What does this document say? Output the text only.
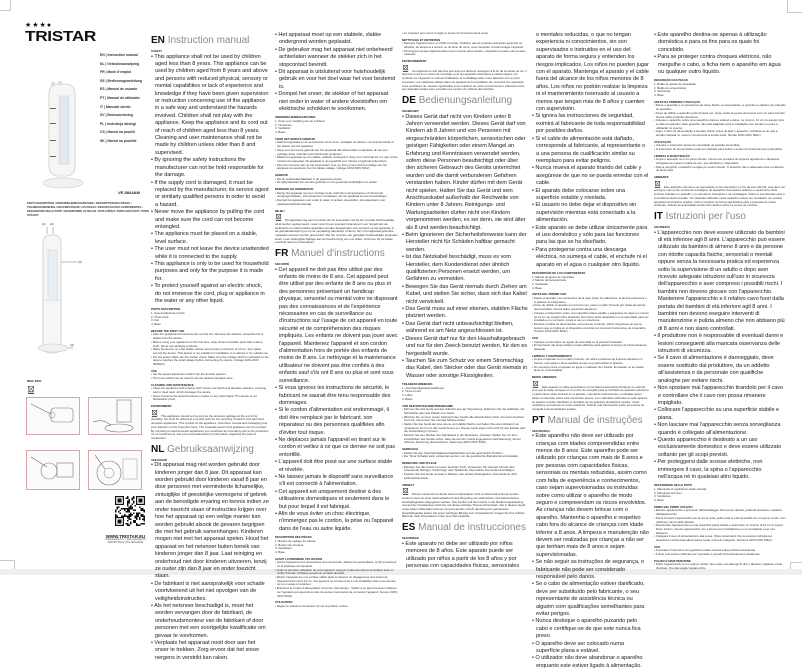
★★★●
TRISTAR
EN | Instruction manual
NL | Gebruiksaanwijzing
FR | Mode d'emploi
DE | Bedienungsanleitung
ES | Manual de usuario
PT | Manual do utilizador
IT | Manuale utente
SV | Bruksanvisning
PL | Instrukcja obsługi
CS | Návod na použití
SK | Návod na použitie
VE-5844AM
PARTS DESCRIPTION / ONDERDELENBESCHRIJVING / DESCRIPTION DES PIÈCES / TEILEBESCHREIBUNG / DESCRIPCIÓN DE LAS PIEZAS / DESCRIÇÃO DOS COMPONENTES / DESCRIZIONE DELLE PARTI / BESKRIVNING AV DELAR / OPIS CZĘŚCI / POPIS SOUČÁSTÍ / POPIS SÚČASTÍ
(1) (2)
(3)
(4)
MISC INFO
WWW.TRISTAR.EU
Tristar Europe B.V. | Jules Verneweg 87
5015 BH Tilburg | The Netherlands
EN Instruction manual
SAFETY
• This appliance shall not be used by children aged less than 8 years. This appliance can be used by children aged from 8 years and above and persons with reduced physical, sensory or mental capabilities or lack of experience and knowledge if they have been given supervision or instruction concerning use of the appliance in a safe way and understand the hazards involved. Children shall not play with the appliance. Keep the appliance and its cord out of reach of children aged less than 8 years. Cleaning and user maintenance shall not be made by children unless older than 8 and supervised.
• By ignoring the safety instructions the manufacturer can not be hold responsible for the damage.
• If the supply cord is damaged, it must be replaced by the manufacturer, its service agent or similarly qualified persons in order to avoid a hazard.
• Never move the appliance by pulling the cord and make sure the cord can not become entangled.
• The appliance must be placed on a stable, level surface.
• The user must not leave the device unattended while it is connected to the supply.
• This appliance is only to be used for household purposes and only for the purpose it is made for.
• To protect yourself against an electric shock, do not immerse the cord, plug or appliance in the water or any other liquid.
PARTS DESCRIPTION
1. Speed adjustment knob
2. Timer knob
3. Fan
4. Base
BEFORE THE FIRST USE
• Take the appliance and accessories out the box. Remove the stickers, protective foil or plastic from the device.
• Before using your appliance for the first time, wipe off all removable parts with a damp cloth. Never use abrasive products.
• Place the device on a flat stable surface and ensure a minimum of 10 cm. free space around the device. This device is not suitable for installation in a cabinet or for outside use.
• Put the power cable into the socket. (Note: Make sure the voltage which is indicated on the device matches the local voltage before connecting the device. Voltage 220V-240V 50/60Hz)
USE
• Set the speed adjustment switch into the desired position.
• The timer switch can be used to set the desired operation time.
CLEANING AND MAINTENANCE
• Clean the appliance with a damp cloth. Never use harsh and abrasive cleaners, scouring pad or steel wool, which damages the device.
• Never immerse the electrical device in water or any other liquid. The device is not dishwasher proof.
ENVIRONMENT
This appliance should not be put into the domestic garbage at the end of its durability, but must be offered at a central point for the recycling of electric and electronic domestic appliances. This symbol on the appliance, instruction manual and packaging puts your attention to this important issue. The materials used in this appliance can be recycled. By recycling of used domestic appliances you contribute an important push to the protection of our environment. Ask your local authorities for information regarding the point of recollection.
NL Gebruiksaanwijzing
VEILIGHEID
• Dit apparaat mag niet worden gebruikt door kinderen jonger dan 8 jaar. Dit apparaat kan worden gebruikt door kinderen vanaf 8 jaar en door personen met verminderde lichamelijke, zintuiglijke of geestelijke vermogens of gebrek aan de benodigde ervaring en kennis indien ze onder toezicht staan of instructies krijgen over hoe het apparaat op een veilige manier kan worden gebruikt alsook de gevaren begrijpen die met het gebruik samenhangen. Kinderen mogen niet met het apparaat spelen. Houd het apparaat en het netsnoer buiten bereik van kinderen jonger dan 8 jaar. Laat reiniging en onderhoud niet door kinderen uitvoeren, tenzij ze ouder zijn dan 8 jaar en onder toezicht staan.
• De fabrikant is niet aansprakelijk voor schade voortvloeiend uit het niet opvolgen van de veiligheidsinstructies.
• Als het netsnoer beschadigd is, moet het worden vervangen door de fabrikant, de onderhoudsmonteur van de fabrikant of door personen met een soortgelijke kwalificatie om gevaar te voorkomen.
• Verplaats het apparaat nooit door aan het snoer te trekken. Zorg ervoor dat het snoer nergens in verstrikt kan raken.
• Het apparaat moet op een stabiele, vlakke ondergrond worden geplaatst.
• De gebruiker mag het apparaat niet onbeheerd achterlaten wanneer de stekker zich in het stopcontact bevindt.
• Dit apparaat is uitsluitend voor huishoudelijk gebruik en voor het doel waar het voor bestemd is.
• Dompel het snoer, de stekker of het apparaat niet onder in water of andere vloeistoffen om elektrische schokken te voorkomen.
ONDERDELENBESCHRIJVING
1. Knop voor instelling van de snelheid
2. Timerknop
3. Ventilator
4. Basis
VOOR HET EERSTE GEBRUIK
• Haal het apparaat en de accessoires uit de doos. Verwijder de stickers, de beschermfolie of het plastic van het apparaat.
• Veeg voor het eerste gebruik van het apparaat alle afneembare onderdelen af met een vochtige doek. Gebruik nooit schurende producten.
• Plaats het apparaat op een vlakke, stabiele ondergrond. Zorg voor minimaal 10 cm vrije ruimte rondom het apparaat. Dit apparaat is niet geschikt voor inbouw of gebruik buitenshuis.
• Stop het netsnoer aan op het stopcontact. (Let op: Zorg ervoor dat het voltage van het apparaat overeenkomt met het lokale voltage. Voltage 220V-240V 50Hz)
GEBRUIK
• Zet de snelheidsschakelaar in de gewenste positie.
• De tijdschakelaar kan worden gebruikt om de gewenste bedrijfstijd in te stellen.
REINIGING EN ONDERHOUD
• Reinig het apparaat met een vochtige doek. Gebruik nooit agressieve of schurende reinigingsmiddelen, schuursponzen of staalwol, die het apparaat kunnen beschadigen.
• Dompel het apparaat nooit onder in water of andere vloeistoffen. Het apparaat is niet vaatwasmachinebestendig.
MILIEU
Dit apparaat mag aan het einde van de levensduur niet bij het normale huishoudelijke afval worden gedeponeerd, maar moet bij een speciaal inzamelpunt voor hergebruik van elektrische en elektronische apparaten worden aangeboden. Het symbool op het apparaat, in de gebruiksaanwijzing en op de verpakking attendeert u hierop. De in het apparaat gebruikte materialen kunnen worden gerecycled. Met het recyclen van gebruikte huishoudelijke apparaten levert u een belangrijke bijdrage aan de bescherming van ons milieu. Informeer bij uw lokale overheid naar het inzamelpunt.
FR Manuel d'instructions
SÉCURITÉ
• Cet appareil ne doit pas être utilisé par des enfants de moins de 8 ans. Cet appareil peut être utilisé par des enfants de 8 ans ou plus et des personnes présentant un handicap physique, sensoriel ou mental voire ne disposant pas des connaissances et de l'expérience nécessaires en cas de surveillance ou d'instructions sur l'usage de cet appareil en toute sécurité et de compréhension des risques impliqués. Les enfants ne doivent pas jouer avec l'appareil. Maintenez l'appareil et son cordon d'alimentation hors de portée des enfants de moins de 8 ans. Le nettoyage et la maintenance utilisateur ne doivent pas être confiés à des enfants sauf s'ils ont 8 ans ou plus et sont sous surveillance.
• Si vous ignorez les instructions de sécurité, le fabricant ne saurait être tenu responsable des dommages.
• Si le cordon d'alimentation est endommagé, il doit être remplacé par le fabricant, son réparateur ou des personnes qualifiées afin d'éviter tout risque.
• Ne déplacez jamais l'appareil en tirant sur le cordon et veillez à ce que ce dernier ne soit pas entortillé.
• L'appareil doit être posé sur une surface stable et nivelée.
• Ne laissez jamais le dispositif sans surveillance s'il est connecté à l'alimentation.
• Cet appareil est uniquement destiné à des utilisations domestiques et seulement dans le but pour lequel il est fabriqué.
• Afin de vous éviter un choc électrique, n'immergez pas le cordon, la prise ou l'appareil dans de l'eau ou autre liquide.
DESCRIPTION DES PIÈCES
1. Bouton de réglage de vitesse
2. Bouton de minuteur
3. Ventilateur
4. Base
AVANT LA PREMIÈRE UTILISATION
• Sortez l'appareil et les accessoires hors de la boîte. Retirez les autocollants, le film protecteur ou le plastique de l'appareil.
• Avant la première utilisation de votre appareil, essuyez toutes les pièces amovibles avec un chiffon humide. N'utilisez jamais de produits abrasifs.
• Mettez l'appareil sur une surface stable plate et assurez un dégagement tout autour de l'appareil d'au moins 10 cm. Cet appareil ne convient pas à une installation dans une armoire ou à un usage à l'extérieur.
• Branchez le cordon d'alimentation à la prise. (Remarque : Veillez à ce que la tension indiquée sur l'appareil corresponde à celle du secteur local avant de connecter l'appareil. Tension 220V-240V 50Hz)
UTILISATION
• Réglez le sélecteur de vitesse (3) sur la position voulue.
• Le minuteur peut servir à régler le temps de fonctionnement voulu.
NETTOYAGE ET ENTRETIEN
• Nettoyez l'appareil avec un chiffon humide. N'utilisez pas de produits nettoyants agressifs ou abrasifs, de tampons à récurer ou de laine de verre, vous risqueriez d'endommager l'appareil.
• N'immergez jamais l'appareil dans l'eau ni aucun autre liquide. L'appareil ne passe pas au lave-vaisselle.
ENVIRONNEMENT
Cet appareil ne doit pas être jeté avec les déchets ménagers à la fin de sa durée de vie, il doit être remis à un centre de recyclage pour les appareils électriques et électroniques. Ce symbole sur l'appareil, le manuel d'utilisation et l'emballage attire votre attention sur ce point important. Les matériaux utilisés dans cet appareil sont recyclables. En recyclant vos appareils, vous contribuez de manière significative à la protection de notre environnement. Adressez-vous aux autorités locales pour connaître les centres de collecte des déchets.
DE Bedienungsanleitung
SICHERHEIT
• Dieses Gerät darf nicht von Kindern unter 8 Jahren verwendet werden. Dieses Gerät darf von Kindern ab 8 Jahren und von Personen mit eingeschränkten körperlichen, sensorischen oder geistigen Fähigkeiten oder einem Mangel an Erfahrung und Kenntnissen verwendet werden, sofern diese Personen beaufsichtigt oder über den sicheren Gebrauch des Geräts unterrichtet wurden und die damit verbundenen Gefahren verstanden haben. Kinder dürfen mit dem Gerät nicht spielen. Halten Sie das Gerät und sein Anschlusskabel außerhalb der Reichweite von Kindern unter 8 Jahren. Reinigungs- und Wartungsarbeiten dürfen nicht von Kindern vorgenommen werden, es sei denn, sie sind älter als 8 und werden beaufsichtigt.
• Beim Ignorieren der Sicherheitshinweise kann der Hersteller nicht für Schäden haftbar gemacht werden.
• Ist das Netzkabel beschädigt, muss es vom Hersteller, dem Kundendienst oder ähnlich qualifizierten Personen ersetzt werden, um Gefahren zu vermeiden.
• Bewegen Sie das Gerät niemals durch Ziehen am Kabel, und stellen Sie sicher, dass sich das Kabel nicht verwickelt.
• Das Gerät muss auf einer ebenen, stabilen Fläche platziert werden.
• Das Gerät darf nicht unbeaufsichtigt bleiben, während es am Netz angeschlossen ist.
• Dieses Gerät darf nur für den Haushaltsgebrauch und nur für den Zweck benutzt werden, für den es hergestellt wurde.
• Tauchen Sie zum Schutz vor einem Stromschlag das Kabel, den Stecker oder das Gerät niemals in Wasser oder sonstige Flüssigkeiten.
TEILEBESCHREIBUNG
1. Geschwindigkeitseinstellknopf
2. Timer-Knopf
3. Lüfter
4. Basis
VOR DER ERSTEN INBETRIEBNAHME
• Nehmen Sie das Gerät und das Zubehör aus der Verpackung. Entfernen Sie die Aufkleber, die Schutzfolie oder das Plastik vom Gerät.
• Wischen Sie vor dem ersten Gebrauch des Geräts alle abnehmbaren Teile mit einem feuchten Tuch ab. Verwenden Sie niemals Scheuermittel.
• Stellen Sie das Gerät auf eine ebene und stabile Fläche und halten Sie einen Abstand von mindestens 10 cm um das Gerät herum ein. Dieses Gerät eignet sich nicht für den Einbau oder die Verwendung im Freien.
• Stecken Sie den Stecker des Netzkabels in die Steckdose. (Hinweis: Stellen Sie vor dem Anschließen des Geräts sicher, dass die auf dem Gerät angegebene Netzspannung mit der örtlichen Spannung übereinstimmt. Spannung 220V-240V 50Hz)
GEBRAUCH
• Stellen Sie den Geschwindigkeitseinstellschalter auf die gewünschte Position.
• Der Timer-Schalter kann verwendet werden, um die gewünschte Betriebszeit einzustellen.
REINIGUNG UND PFLEGE
• Reinigen Sie das Gerät mit einem feuchten Tuch. Verwenden Sie niemals scharfe oder scheuernde Reiniger, Topfreiniger oder Stahlwolle. Dies würde das Gerät beschädigen.
• Tauchen Sie das Gerät niemals in Wasser oder andere Flüssigkeiten. Das Gerät ist nicht spülmaschinenfest.
UMWELT
Dieses Gerät darf am Ende seiner Lebensdauer nicht im Hausmüll entsorgt werden, sondern muss an einer Sammelstelle für das Recycling von elektrischen und elektronischen Haushaltsgeräten abgegeben werden. Das Symbol auf dem Gerät, in der Bedienungsanleitung und auf der Verpackung macht Sie auf dieses wichtige Thema aufmerksam. Die in diesem Gerät verwendeten Materialien können recycelt werden. Durch das Recyceln gebrauchter Haushaltsgeräte leisten Sie einen wichtigen Beitrag zum Umweltschutz. Fragen Sie Ihre örtliche Behörde nach Informationen über eine Sammelstelle.
ES Manual de instrucciones
SEGURIDAD
• Este aparato no debe ser utilizado por niños menores de 8 años. Este aparato puede ser utilizado por niños a partir de los 8 años y por personas con capacidades físicas, sensoriales
o mentales reducidas, o que no tengan experiencia ni conocimientos, sin son supervisados o instruidos en el uso del aparato de forma segura y entienden los riesgos implicados. Los niños no pueden jugar con el aparato. Mantenga el aparato y el cable fuera del alcance de los niños menores de 8 años. Los niños no podrán realizar la limpieza ni el mantenimiento reservado al usuario a menos que tengan más de 8 años y cuenten con supervisión.
• Si ignora las instrucciones de seguridad, eximirá al fabricante de toda responsabilidad por posibles daños.
• Si el cable de alimentación está dañado, corresponde al fabricante, al representante o a una persona de cualificación similar su reemplazo para evitar peligros.
• Nunca mueva el aparato tirando del cable y asegúrese de que no se pueda enredar con el cable.
• El aparato debe colocarse sobre una superficie estable y nivelada.
• El usuario no debe dejar el dispositivo sin supervisión mientras está conectado a la alimentación.
• Este aparato se debe utilizar únicamente para el uso doméstico y sólo para las funciones para las que se ha diseñado.
• Para protegerse contra una descarga eléctrica, no sumerja el cable, el enchufe ni el aparato en el agua o cualquier otro líquido.
DESCRIPCIÓN DE LOS COMPONENTES
1. Mando de ajuste de velocidad
2. Mando del temporizador
3. Ventilador
4. Base
ANTES DEL PRIMER USO
• Saque el aparato y los accesorios de la caja. Quite los adhesivos, la lámina protectora o el plástico del dispositivo.
• Antes de utilizar el aparato por primera vez, pase un paño húmedo por todas las piezas desmontables. Nunca utilice productos abrasivos.
• Coloque el dispositivo sobre una superficie plana estable y asegúrese de dejar un mínimo de 10 cm de espacio libre alrededor del mismo. Este dispositivo no es apropiado para ser instalado en un armario o para el uso en exteriores.
• Enchufe el cable de alimentación a la toma de corriente. (Nota: Asegúrese de que la tensión que se indica en el dispositivo coincida con la tensión local antes de conectarlo. Tensión 220V-240V 50Hz)
USO
• Coloque el interruptor de ajuste de velocidad en la posición deseada.
• El interruptor del temporizador puede utilizarse para ajustar el tiempo de funcionamiento deseado.
LIMPIEZA Y MANTENIMIENTO
• Limpie el aparato con un paño húmedo. No utilice productos de limpieza abrasivos ni fuertes, estropajos o lana metálica porque se podría dañar el aparato.
• No sumerja nunca el aparato en agua o cualquier otro líquido. El aparato no se puede lavar en el lavavajillas.
MEDIO AMBIENTE
Este aparato no debe desecharse con la basura doméstica al final de su vida útil, sino que se debe entregar en un punto de recogida para el reciclado de aparatos eléctricos y electrónicos. Este símbolo en el aparato, manual de instrucciones y embalaje quiere atraer su atención sobre este importante asunto. Los materiales utilizados en este aparato se pueden reciclar. Mediante el reciclado de los aparatos domésticos usados, usted contribuye a preservar el medio ambiente. Solicite más información sobre los puntos de recogida a las autoridades locales.
PT Manual de instruções
SEGURANÇA
• Este aparelho não deve ser utilizado por crianças com idades compreendidas entre menos de 8 anos. Este aparelho pode ser utilizado por crianças com mais de 8 anos e por pessoas com capacidades físicas, sensoriais ou mentais reduzidas, assim como com falta de experiência e conhecimentos, caso sejam supervisionadas ou instruídas sobre como utilizar o aparelho de modo seguro e compreendam os riscos envolvidos. As crianças não devem brincar com o aparelho. Mantenha o aparelho e respetivo cabo fora do alcance de crianças com idade inferior a 8 anos. A limpeza e manutenção não devem ser realizadas por crianças a não ser que tenham mais de 8 anos e sejam supervisionadas.
• Se não seguir as instruções de segurança, o fabricante não pode ser considerado responsável pelo danos.
• Se o cabo de alimentação estiver danificado, deve ser substituído pelo fabricante, o seu representante de assistência técnica ou alguém com qualificações semelhantes para evitar perigos.
• Nunca desloque o aparelho puxando pelo cabo e certifique-se de que este nunca fica preso.
• O aparelho deve ser colocado numa superfície plana e estável.
• O utilizador não deve abandonar o aparelho enquanto este estiver ligado à alimentação.
• Este aparelho destina-se apenas à utilização doméstica e para os fins para os quais foi concebido.
• Para se proteger contra choques elétricos, não mergulhe o cabo, a ficha nem o aparelho em água ou qualquer outro líquido.
DESCRIÇÃO DAS PEÇAS
1. Botão de ajuste de velocidade
2. Botão do temporizador
3. Ventoinha
4. Base
ANTES DA PRIMEIRA UTILIZAÇÃO
• Retire o aparelho e os acessórios da caixa. Retire os autocolantes, a película ou plástico de proteção do aparelho.
• Antes de utilizar o aparelho pela primeira vez, limpe todas as peças amovíveis com um pano húmido. Nunca utilize produtos abrasivos.
• Coloque o aparelho sobre uma superfície plana e estável e deixe, no mínimo, 10 cm de espaço livre à volta do aparelho. Este aparelho não está adaptado para a instalação num armário ou para a utilização no exterior.
• Ligue o cabo de alimentação à tomada. (Nota: Antes de ligar o aparelho, certifique-se de que a tensão indicada no mesmo corresponde à tensão local. Tensão 220V-240V 50Hz)
UTILIZAÇÃO
• Coloque o interruptor ajuste de velocidade na posição pretendida.
• O interruptor do temporizador pode ser utilizado para definir o tempo de funcionamento pretendido.
LIMPEZA E MANUTENÇÃO
• Limpe o aparelho com um pano húmido. Nunca use produtos de limpeza agressivos e abrasivos, esfregões de metal ou palha de aço, que danificam o dispositivo.
• Nunca mergulhe o aparelho na água ou noutro líquido. O aparelho não é adequado para a máquina de lavar loiça.
AMBIENTE
Este aparelho não deve ser depositado no lixo doméstico no fim da sua vida útil, mas deve ser entregue num ponto central de reciclagem de aparelhos domésticos elétricos e eletrónicos. Este símbolo indicado no aparelho, no manual de instruções e na embalagem chama a sua atenção para a importância desta questão. Os materiais utilizados neste aparelho podem ser reciclados. Ao reciclar aparelhos domésticos usados, está a contribuir de forma significativa para a proteção do nosso ambiente. Solicite às autoridades locais informações sobre os pontos de recolha.
IT Istruzioni per l'uso
SICUREZZA
• L'apparecchio non deve essere utilizzato da bambini di età inferiore agli 8 anni. L'apparecchio può essere utilizzato da bambini di almeno 8 anni e da persone con ridotte capacità fisiche, sensoriali o mentali oppure senza la necessaria pratica ed esperienza sotto la supervisione di un adulto o dopo aver ricevuto adeguate istruzioni sull'uso in sicurezza dell'apparecchio e aver compreso i possibili rischi. I bambini non devono giocare con l'apparecchio. Mantenere l'apparecchio e il relativo cavo fuori dalla portata dei bambini di età inferiore agli 8 anni. I bambini non devono eseguire interventi di manutenzione e pulizia almeno che non abbiano più di 8 anni e non siano controllati.
• Il produttore non è responsabile di eventuali danni e lesioni conseguenti alla mancata osservanza delle istruzioni di sicurezza.
• Se il cavo di alimentazione è danneggiato, deve essere sostituito dal produttore, da un addetto all'assistenza o da personale con qualifiche analoghe per evitare rischi.
• Non spostare mai l'apparecchio tirandolo per il cavo e controllare che il cavo non possa rimanere impigliato.
• Collocare l'apparecchio su una superficie stabile e piana.
• Non lasciare mai l'apparecchio senza sorveglianza quando è collegato all'alimentazione.
• Questo apparecchio è destinato a un uso esclusivamente domestico e deve essere utilizzato soltanto per gli scopi previsti.
• Per proteggersi dalle scosse elettriche, non immergere il cavo, la spina o l'apparecchio nell'acqua né in qualsiasi altro liquido.
DESCRIZIONE DELLE PARTI
1. Manopola di regolazione della velocità
2. Manopola del timer
3. Ventilatore
4. Base
PRIMA DEL PRIMO UTILIZZO
• Estrarre apparecchio e accessori dall'imballaggio. Rimuovere adesivi, pellicola protettiva o plastica dall'apparecchio.
• Prima di usare l'apparecchio per la prima volta, pulire tutte le parti amovibili con un panno umido. Non utilizzare mai prodotti abrasivi.
• Posizionare l'apparecchio su una superficie piana stabile e assicurare un minimo di 10 cm di spazio libero intorno. Questo apparecchio non è idoneo per l'installazione in un armadietto o per uso all'aperto.
• Collegare il cavo di alimentazione alla presa. (Nota: assicurarsi che la tensione indicata sul dispositivo corrisponda alla tensione locale prima di collegarlo. Tensione 220V-240V 50Hz)
USO
• Impostare l'interruttore di regolazione della velocità sulla posizione desiderata.
• Il timer può essere utilizzato per impostare il periodo di funzionamento desiderato.
PULIZIA E MANUTENZIONE
• Pulire l'apparecchio con un panno umido. Non usare mai detergenti duri o abrasivi, pagliette o lana d'acciaio, che danneggia l'apparecchio.
